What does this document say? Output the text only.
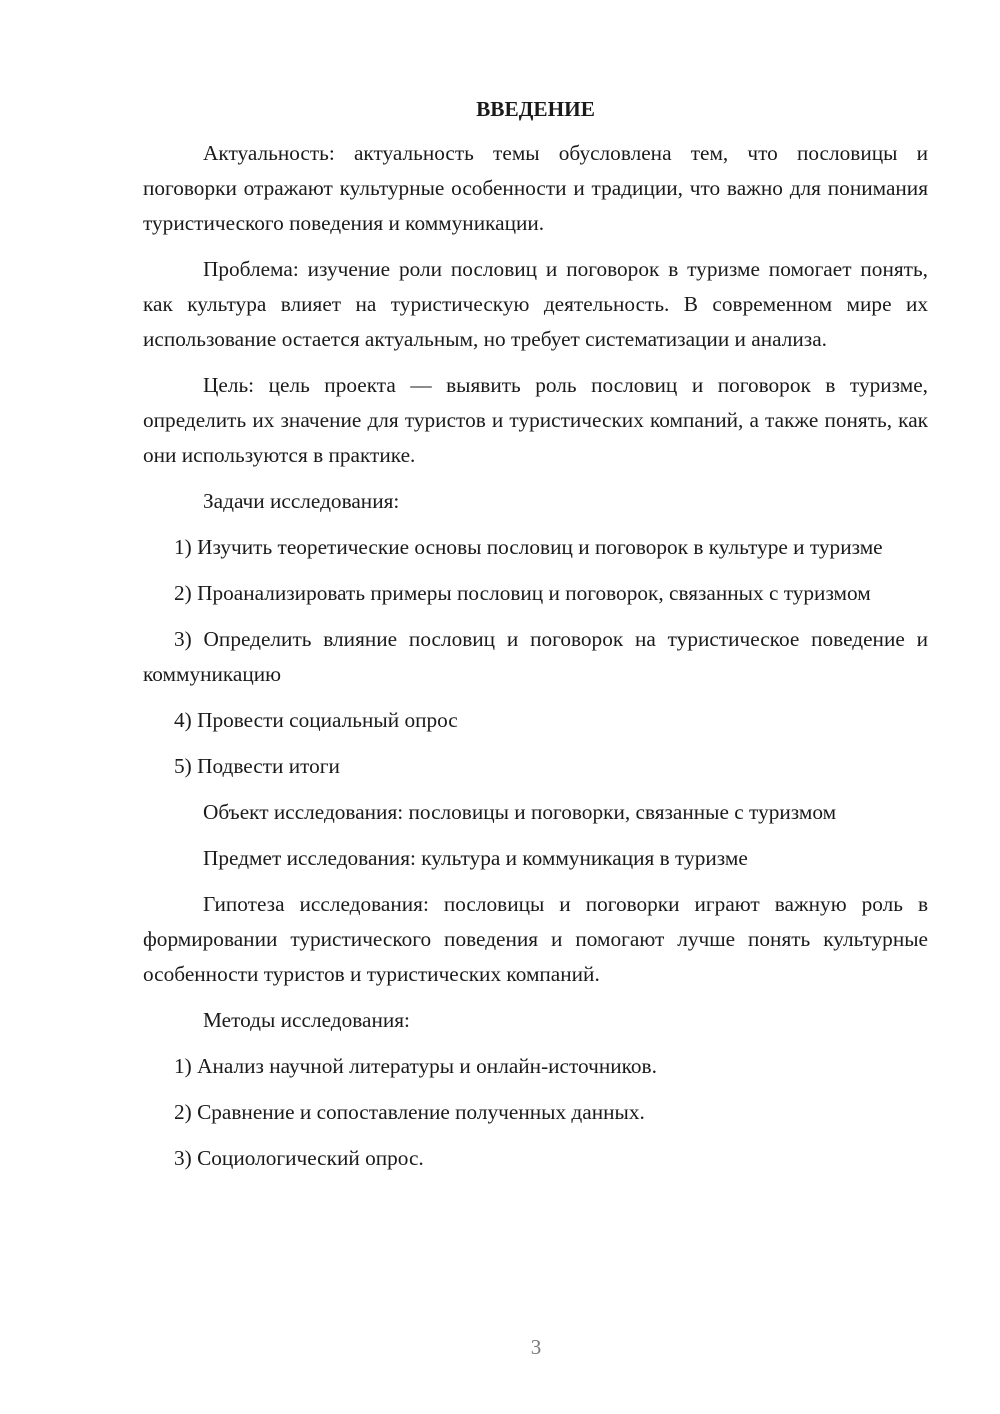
ВВЕДЕНИЕ
Актуальность: актуальность темы обусловлена тем, что пословицы и поговорки отражают культурные особенности и традиции, что важно для понимания туристического поведения и коммуникации.
Проблема: изучение роли пословиц и поговорок в туризме помогает понять, как культура влияет на туристическую деятельность. В современном мире их использование остается актуальным, но требует систематизации и анализа.
Цель: цель проекта — выявить роль пословиц и поговорок в туризме, определить их значение для туристов и туристических компаний, а также понять, как они используются в практике.
Задачи исследования:
1) Изучить теоретические основы пословиц и поговорок в культуре и туризме
2) Проанализировать примеры пословиц и поговорок, связанных с туризмом
3) Определить влияние пословиц и поговорок на туристическое поведение и коммуникацию
4) Провести социальный опрос
5) Подвести итоги
Объект исследования: пословицы и поговорки, связанные с туризмом
Предмет исследования: культура и коммуникация в туризме
Гипотеза исследования: пословицы и поговорки играют важную роль в формировании туристического поведения и помогают лучше понять культурные особенности туристов и туристических компаний.
Методы исследования:
1) Анализ научной литературы и онлайн-источников.
2) Сравнение и сопоставление полученных данных.
3) Социологический опрос.
3
